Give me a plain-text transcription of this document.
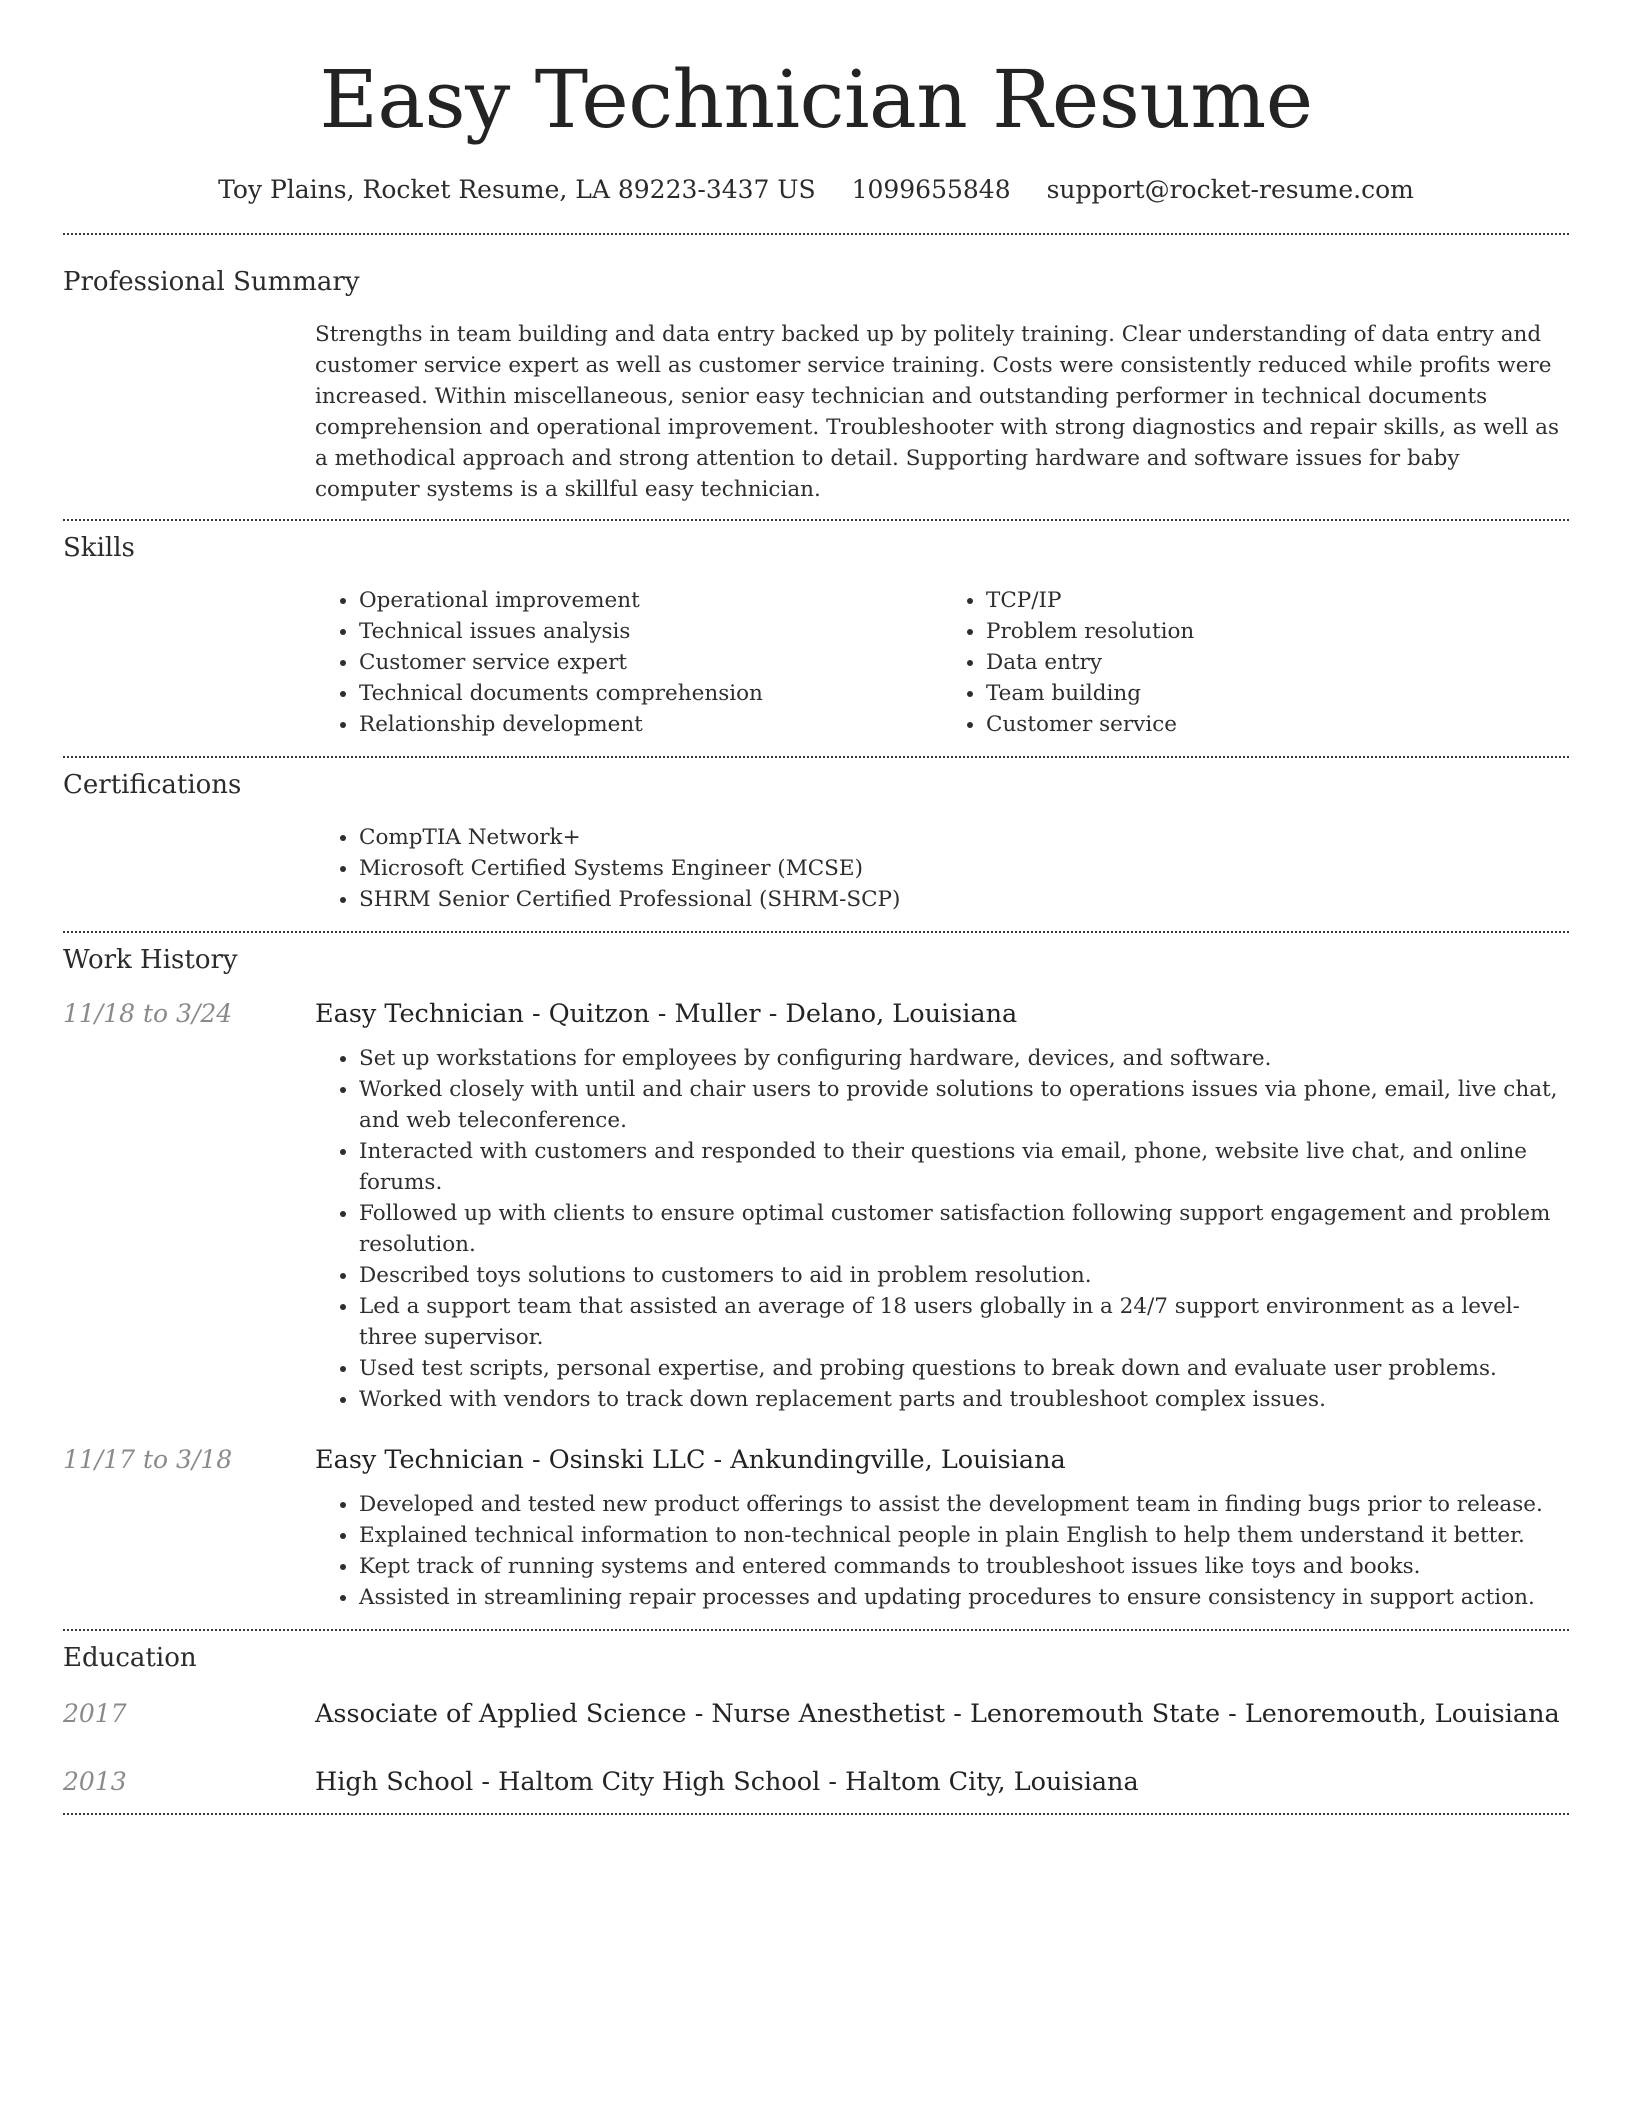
Easy Technician Resume
Toy Plains, Rocket Resume, LA 89223-3437 US 1099655848 support@rocket-resume.com
Professional Summary
Strengths in team building and data entry backed up by politely training. Clear understanding of data entry and customer service expert as well as customer service training. Costs were consistently reduced while profits were increased. Within miscellaneous, senior easy technician and outstanding performer in technical documents comprehension and operational improvement. Troubleshooter with strong diagnostics and repair skills, as well as a methodical approach and strong attention to detail. Supporting hardware and software issues for baby computer systems is a skillful easy technician.
Skills
• Operational improvement
• Technical issues analysis
• Customer service expert
• Technical documents comprehension
• Relationship development
• TCP/IP
• Problem resolution
• Data entry
• Team building
• Customer service
Certifications
• CompTIA Network+
• Microsoft Certified Systems Engineer (MCSE)
• SHRM Senior Certified Professional (SHRM-SCP)
Work History
11/18 to 3/24	Easy Technician - Quitzon - Muller - Delano, Louisiana
• Set up workstations for employees by configuring hardware, devices, and software.
• Worked closely with until and chair users to provide solutions to operations issues via phone, email, live chat, and web teleconference.
• Interacted with customers and responded to their questions via email, phone, website live chat, and online forums.
• Followed up with clients to ensure optimal customer satisfaction following support engagement and problem resolution.
• Described toys solutions to customers to aid in problem resolution.
• Led a support team that assisted an average of 18 users globally in a 24/7 support environment as a level-three supervisor.
• Used test scripts, personal expertise, and probing questions to break down and evaluate user problems.
• Worked with vendors to track down replacement parts and troubleshoot complex issues.
11/17 to 3/18	Easy Technician - Osinski LLC - Ankundingville, Louisiana
• Developed and tested new product offerings to assist the development team in finding bugs prior to release.
• Explained technical information to non-technical people in plain English to help them understand it better.
• Kept track of running systems and entered commands to troubleshoot issues like toys and books.
• Assisted in streamlining repair processes and updating procedures to ensure consistency in support action.
Education
2017	Associate of Applied Science - Nurse Anesthetist - Lenoremouth State - Lenoremouth, Louisiana
2013	High School - Haltom City High School - Haltom City, Louisiana
